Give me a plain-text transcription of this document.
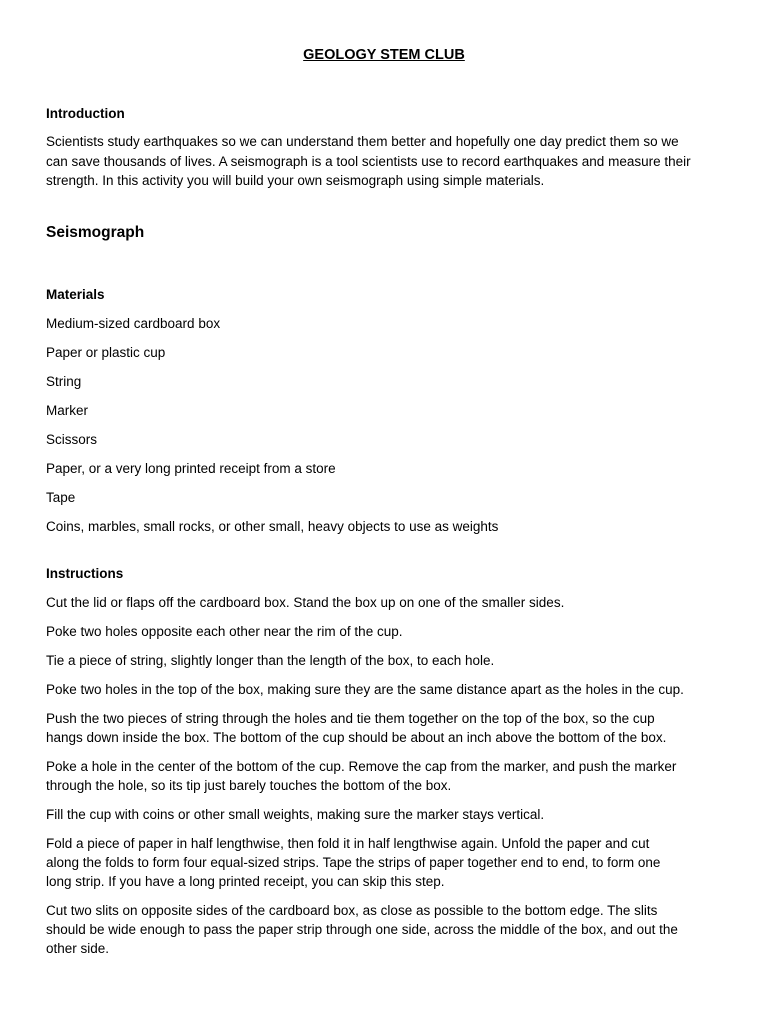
GEOLOGY STEM CLUB
Introduction

Scientists study earthquakes so we can understand them better and hopefully one day predict them so we
can save thousands of lives. A seismograph is a tool scientists use to record earthquakes and measure their
strength. In this activity you will build your own seismograph using simple materials.

Seismograph
Materials
Medium-sized cardboard box
Paper or plastic cup
String
Marker
Scissors
Paper, or a very long printed receipt from a store
Tape
Coins, marbles, small rocks, or other small, heavy objects to use as weights
Instructions
Cut the lid or flaps off the cardboard box. Stand the box up on one of the smaller sides.
Poke two holes opposite each other near the rim of the cup.
Tie a piece of string, slightly longer than the length of the box, to each hole.
Poke two holes in the top of the box, making sure they are the same distance apart as the holes in the cup.
Push the two pieces of string through the holes and tie them together on the top of the box, so the cup
hangs down inside the box. The bottom of the cup should be about an inch above the bottom of the box.
Poke a hole in the center of the bottom of the cup. Remove the cap from the marker, and push the marker
through the hole, so its tip just barely touches the bottom of the box.
Fill the cup with coins or other small weights, making sure the marker stays vertical.
Fold a piece of paper in half lengthwise, then fold it in half lengthwise again. Unfold the paper and cut
along the folds to form four equal-sized strips. Tape the strips of paper together end to end, to form one
long strip. If you have a long printed receipt, you can skip this step.
Cut two slits on opposite sides of the cardboard box, as close as possible to the bottom edge. The slits
should be wide enough to pass the paper strip through one side, across the middle of the box, and out the
other side.
